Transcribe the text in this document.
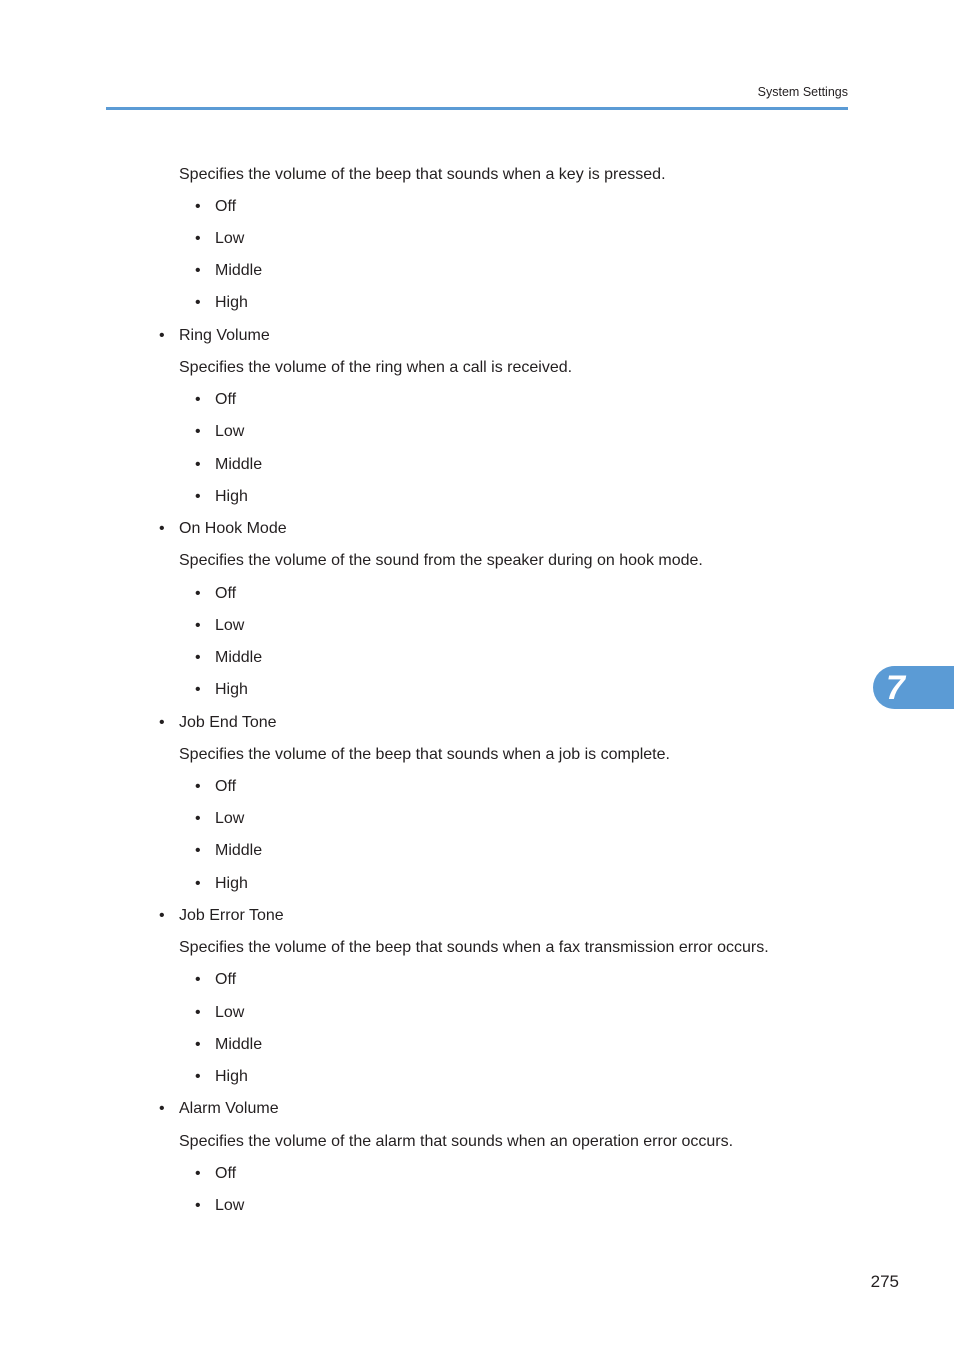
System Settings
Specifies the volume of the beep that sounds when a key is pressed.
• Off
• Low
• Middle
• High
• Ring Volume
Specifies the volume of the ring when a call is received.
• Off
• Low
• Middle
• High
• On Hook Mode
Specifies the volume of the sound from the speaker during on hook mode.
• Off
• Low
• Middle
• High
• Job End Tone
Specifies the volume of the beep that sounds when a job is complete.
• Off
• Low
• Middle
• High
• Job Error Tone
Specifies the volume of the beep that sounds when a fax transmission error occurs.
• Off
• Low
• Middle
• High
• Alarm Volume
Specifies the volume of the alarm that sounds when an operation error occurs.
• Off
• Low
7
275
